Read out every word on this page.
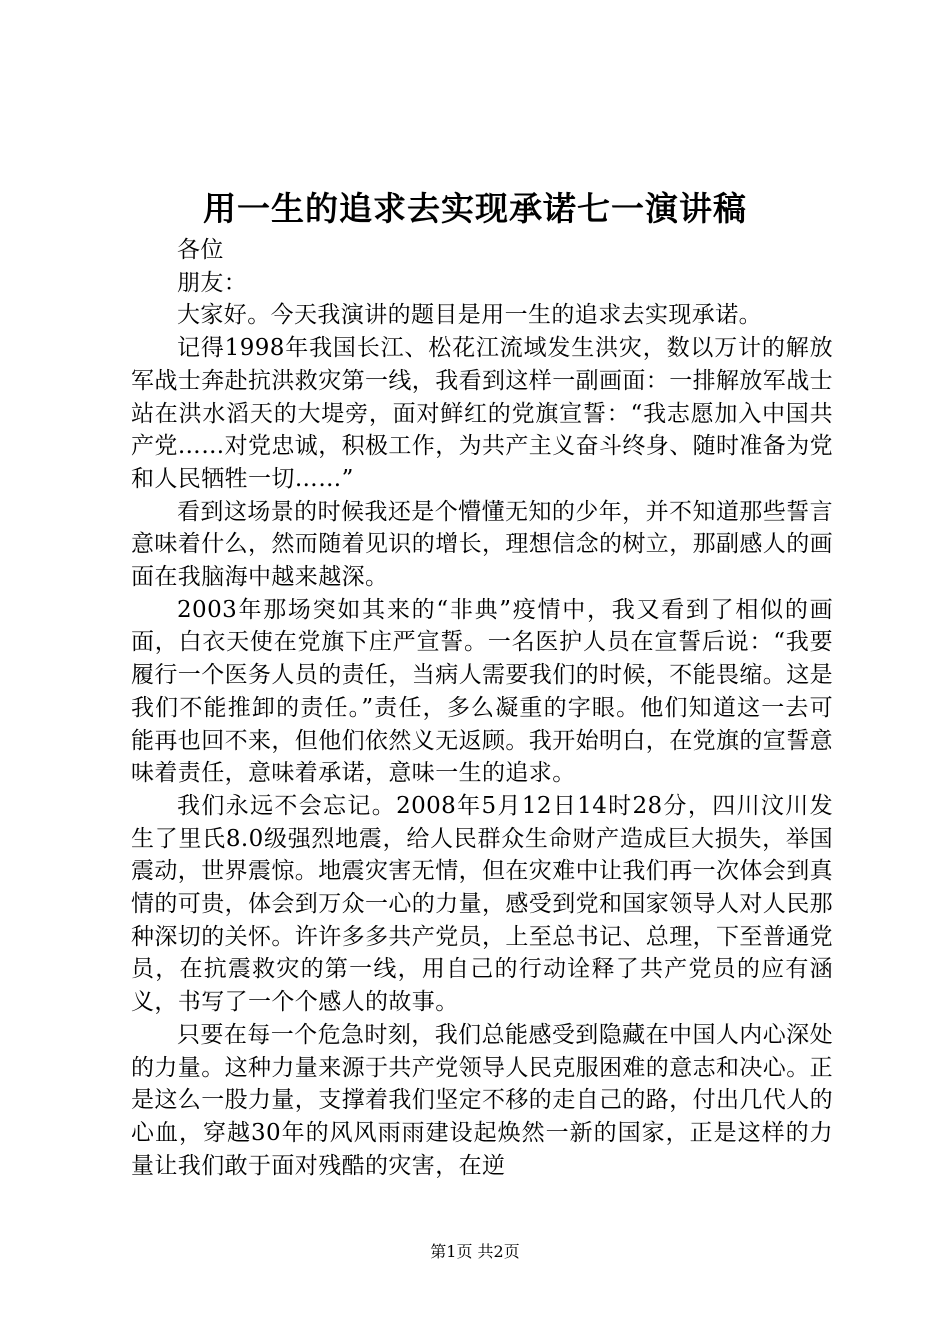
用一生的追求去实现承诺七一演讲稿

各位

朋友：

大家好。今天我演讲的题目是用一生的追求去实现承诺。

记得1998年我国长江、松花江流域发生洪灾，数以万计的解放军战士奔赴抗洪救灾第一线，我看到这样一副画面：一排解放军战士站在洪水滔天的大堤旁，面对鲜红的党旗宣誓：“我志愿加入中国共产党……对党忠诚，积极工作，为共产主义奋斗终身、随时准备为党和人民牺牲一切……”

看到这场景的时候我还是个懵懂无知的少年，并不知道那些誓言意味着什么，然而随着见识的增长，理想信念的树立，那副感人的画面在我脑海中越来越深。

2003年那场突如其来的“非典”疫情中，我又看到了相似的画面，白衣天使在党旗下庄严宣誓。一名医护人员在宣誓后说：“我要履行一个医务人员的责任，当病人需要我们的时候，不能畏缩。这是我们不能推卸的责任。”责任，多么凝重的字眼。他们知道这一去可能再也回不来，但他们依然义无返顾。我开始明白，在党旗的宣誓意味着责任，意味着承诺，意味一生的追求。

我们永远不会忘记。2008年5月12日14时28分，四川汶川发生了里氏8.0级强烈地震，给人民群众生命财产造成巨大损失，举国震动，世界震惊。地震灾害无情，但在灾难中让我们再一次体会到真情的可贵，体会到万众一心的力量，感受到党和国家领导人对人民那种深切的关怀。许许多多共产党员，上至总书记、总理，下至普通党员，在抗震救灾的第一线，用自己的行动诠释了共产党员的应有涵义，书写了一个个感人的故事。

只要在每一个危急时刻，我们总能感受到隐藏在中国人内心深处的力量。这种力量来源于共产党领导人民克服困难的意志和决心。正是这么一股力量，支撑着我们坚定不移的走自己的路，付出几代人的心血，穿越30年的风风雨雨建设起焕然一新的国家，正是这样的力量让我们敢于面对残酷的灾害，在逆

第1页 共2页
